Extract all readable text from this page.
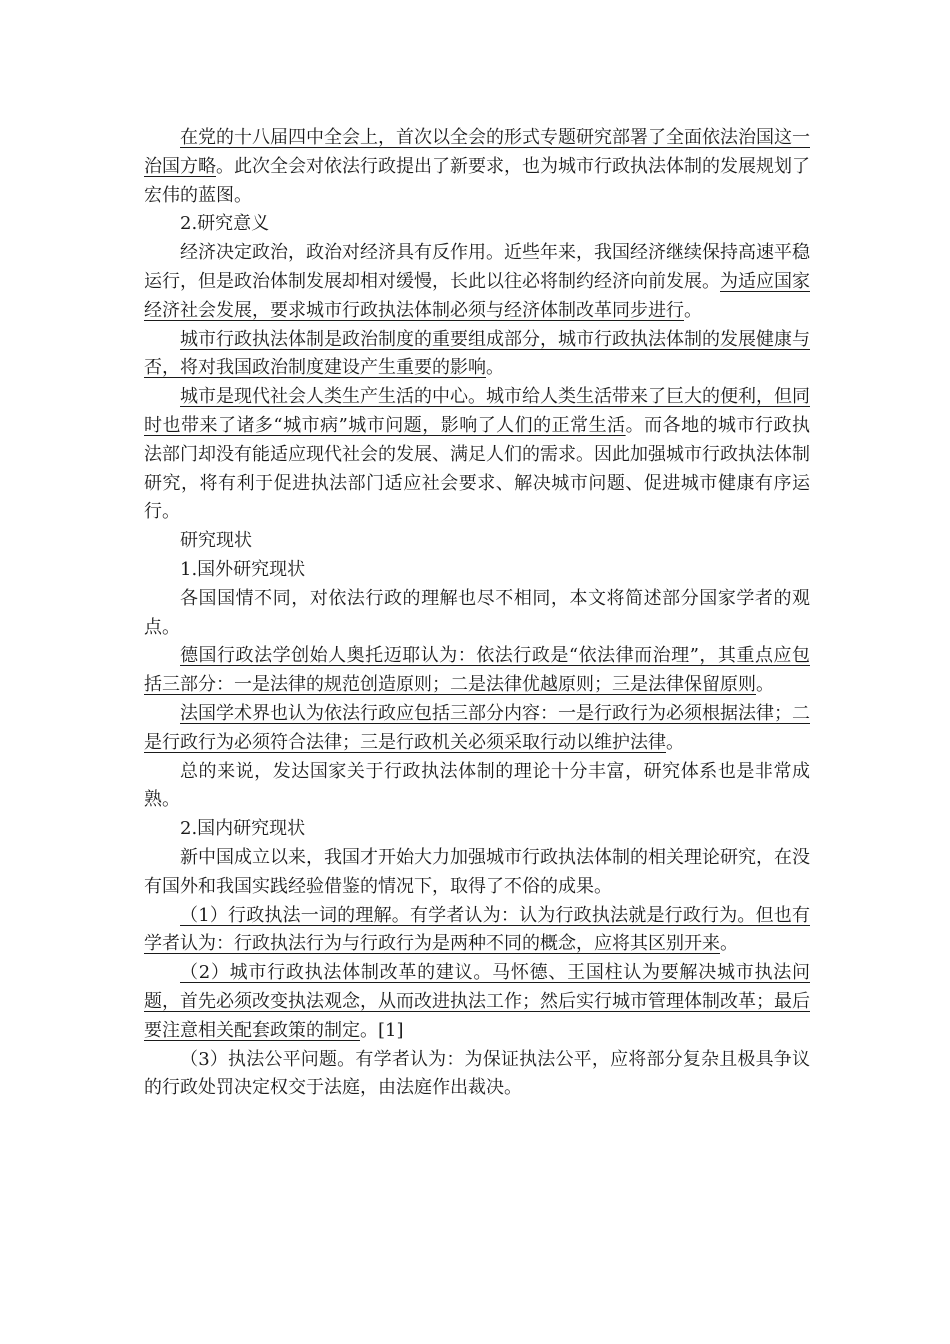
在党的十八届四中全会上，首次以全会的形式专题研究部署了全面依法治国这一治国方略。此次全会对依法行政提出了新要求，也为城市行政执法体制的发展规划了宏伟的蓝图。

2.研究意义

经济决定政治，政治对经济具有反作用。近些年来，我国经济继续保持高速平稳运行，但是政治体制发展却相对缓慢，长此以往必将制约经济向前发展。为适应国家经济社会发展，要求城市行政执法体制必须与经济体制改革同步进行。

城市行政执法体制是政治制度的重要组成部分，城市行政执法体制的发展健康与否，将对我国政治制度建设产生重要的影响。

城市是现代社会人类生产生活的中心。城市给人类生活带来了巨大的便利，但同时也带来了诸多“城市病”城市问题，影响了人们的正常生活。而各地的城市行政执法部门却没有能适应现代社会的发展、满足人们的需求。因此加强城市行政执法体制研究，将有利于促进执法部门适应社会要求、解决城市问题、促进城市健康有序运行。

研究现状

1.国外研究现状

各国国情不同，对依法行政的理解也尽不相同，本文将简述部分国家学者的观点。

德国行政法学创始人奥托迈耶认为：依法行政是“依法律而治理”，其重点应包括三部分：一是法律的规范创造原则；二是法律优越原则；三是法律保留原则。

法国学术界也认为依法行政应包括三部分内容：一是行政行为必须根据法律；二是行政行为必须符合法律；三是行政机关必须采取行动以维护法律。

总的来说，发达国家关于行政执法体制的理论十分丰富，研究体系也是非常成熟。

2.国内研究现状

新中国成立以来，我国才开始大力加强城市行政执法体制的相关理论研究，在没有国外和我国实践经验借鉴的情况下，取得了不俗的成果。

（1）行政执法一词的理解。有学者认为：认为行政执法就是行政行为。但也有学者认为：行政执法行为与行政行为是两种不同的概念，应将其区别开来。

（2）城市行政执法体制改革的建议。马怀德、王国柱认为要解决城市执法问题，首先必须改变执法观念，从而改进执法工作；然后实行城市管理体制改革；最后要注意相关配套政策的制定。[1]

（3）执法公平问题。有学者认为：为保证执法公平，应将部分复杂且极具争议的行政处罚决定权交于法庭，由法庭作出裁决。
